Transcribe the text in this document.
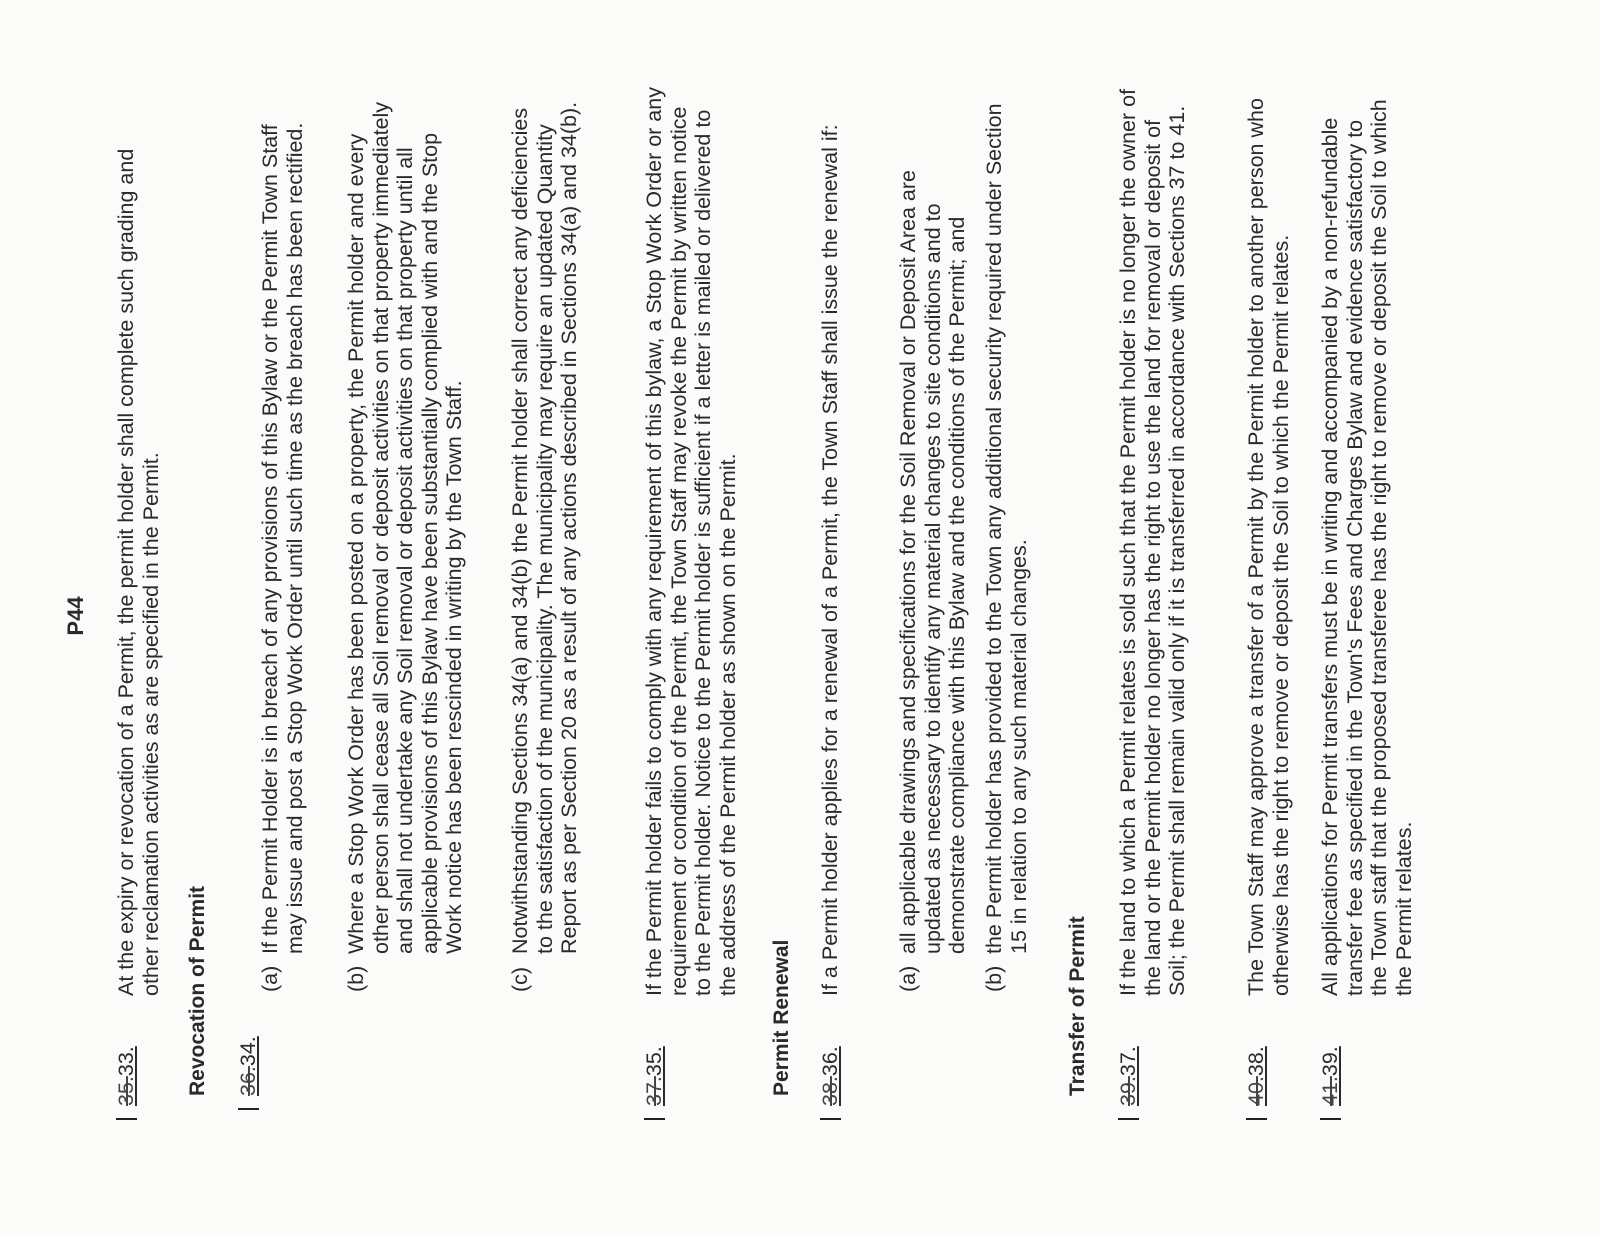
P44
35.33.
At the expiry or revocation of a Permit, the permit holder shall complete such grading and other reclamation activities as are specified in the Permit. Revocation of Permit 36.34.
(a)
If the Permit Holder is in breach of any provisions of this Bylaw or the Permit Town Staff may issue and post a Stop Work Order until such time as the breach has been rectified.
(b)
Where a Stop Work Order has been posted on a property, the Permit holder and every other person shall cease all Soil removal or deposit activities on that property immediately and shall not undertake any Soil removal or deposit activities on that property until all applicable provisions of this Bylaw have been substantially complied with and the Stop Work notice has been rescinded in writing by the Town Staff.
(c)
Notwithstanding Sections 34(a) and 34(b) the Permit holder shall correct any deficiencies to the satisfaction of the municipality. The municipality may require an updated Quantity Report as per Section 20 as a result of any actions described in Sections 34(a) and 34(b).
37.35.
If the Permit holder fails to comply with any requirement of this bylaw, a Stop Work Order or any requirement or condition of the Permit, the Town Staff may revoke the Permit by written notice to the Permit holder. Notice to the Permit holder is sufficient if a letter is mailed or delivered to the address of the Permit holder as shown on the Permit.
Permit Renewal 38.36.
If a Permit holder applies for a renewal of a Permit, the Town Staff shall issue the renewal if:	(a)
all applicable drawings and specifications for the Soil Removal or Deposit Area are updated as necessary to identify any material changes to site conditions and to demonstrate compliance with this Bylaw and the conditions of the Permit; and
(b)
the Permit holder has provided to the Town any additional security required under Section 15 in relation to any such material changes.
Transfer of Permit 39.37.
If the land to which a Permit relates is sold such that the Permit holder is no longer the owner of the land or the Permit holder no longer has the right to use the land for removal or deposit of Soil; the Permit shall remain valid only if it is transferred in accordance with Sections 37 to 41.
40.38.
The Town Staff may approve a transfer of a Permit by the Permit holder to another person who otherwise has the right to remove or deposit the Soil to which the Permit relates.
41.39.
All applications for Permit transfers must be in writing and accompanied by a non-refundable transfer fee as specified in the Town's Fees and Charges Bylaw and evidence satisfactory to the Town staff that the proposed transferee has the right to remove or deposit the Soil to which the Permit relates.
